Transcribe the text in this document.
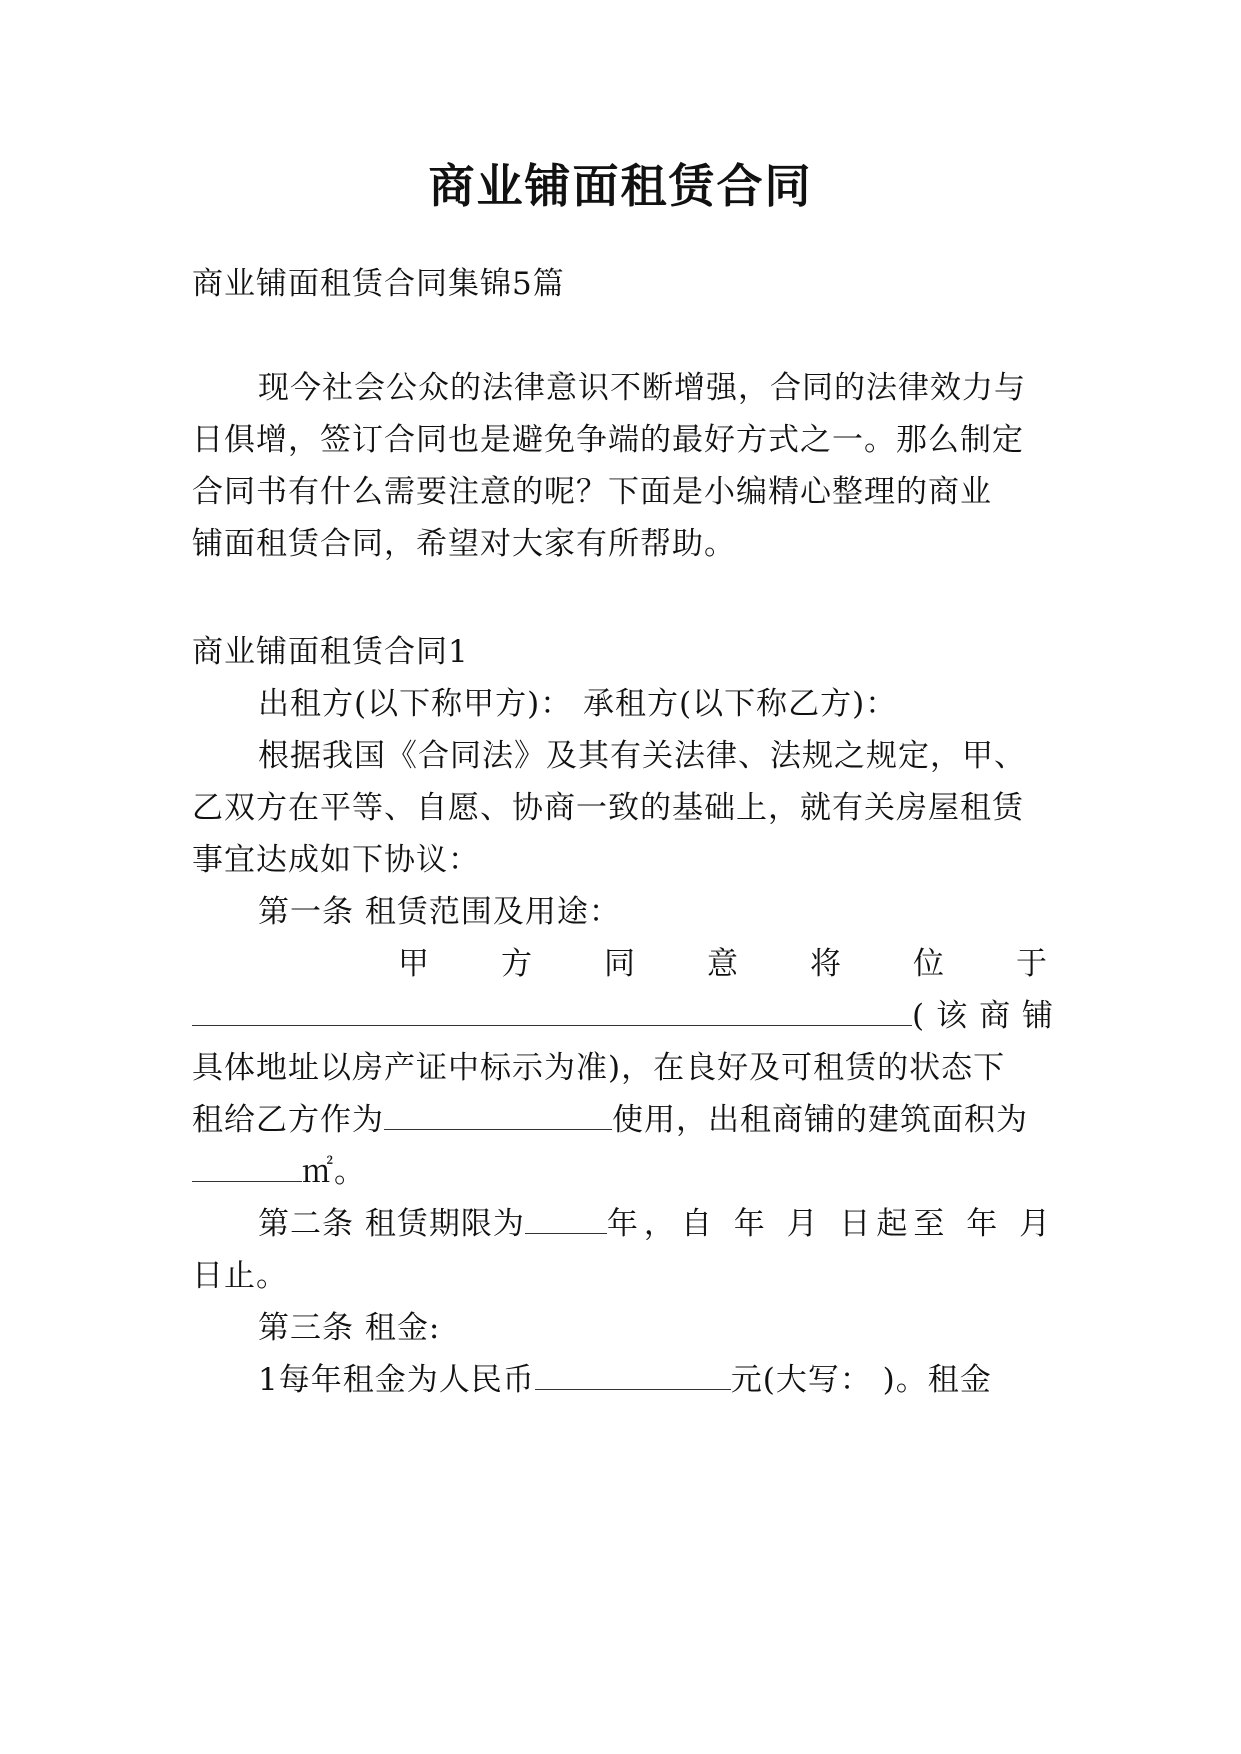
商业铺面租赁合同
商业铺面租赁合同集锦5篇
现今社会公众的法律意识不断增强，合同的法律效力与
日俱增，签订合同也是避免争端的最好方式之一。那么制定
合同书有什么需要注意的呢？下面是小编精心整理的商业
铺面租赁合同，希望对大家有所帮助。
商业铺面租赁合同1
出租方(以下称甲方)： 承租方(以下称乙方)：
根据我国《合同法》及其有关法律、法规之规定，甲、
乙双方在平等、自愿、协商一致的基础上，就有关房屋租赁
事宜达成如下协议：
第一条 租赁范围及用途：
甲 方 同 意 将 位 于
(该商铺
具体地址以房产证中标示为准)，在良好及可租赁的状态下
租给乙方作为	使用，出租商铺的建筑面积为
㎡。
第二条 租赁期限为	年，自 年 月 日起至 年 月
日止。
第三条 租金:
1每年租金为人民币	元(大写： )。租金
